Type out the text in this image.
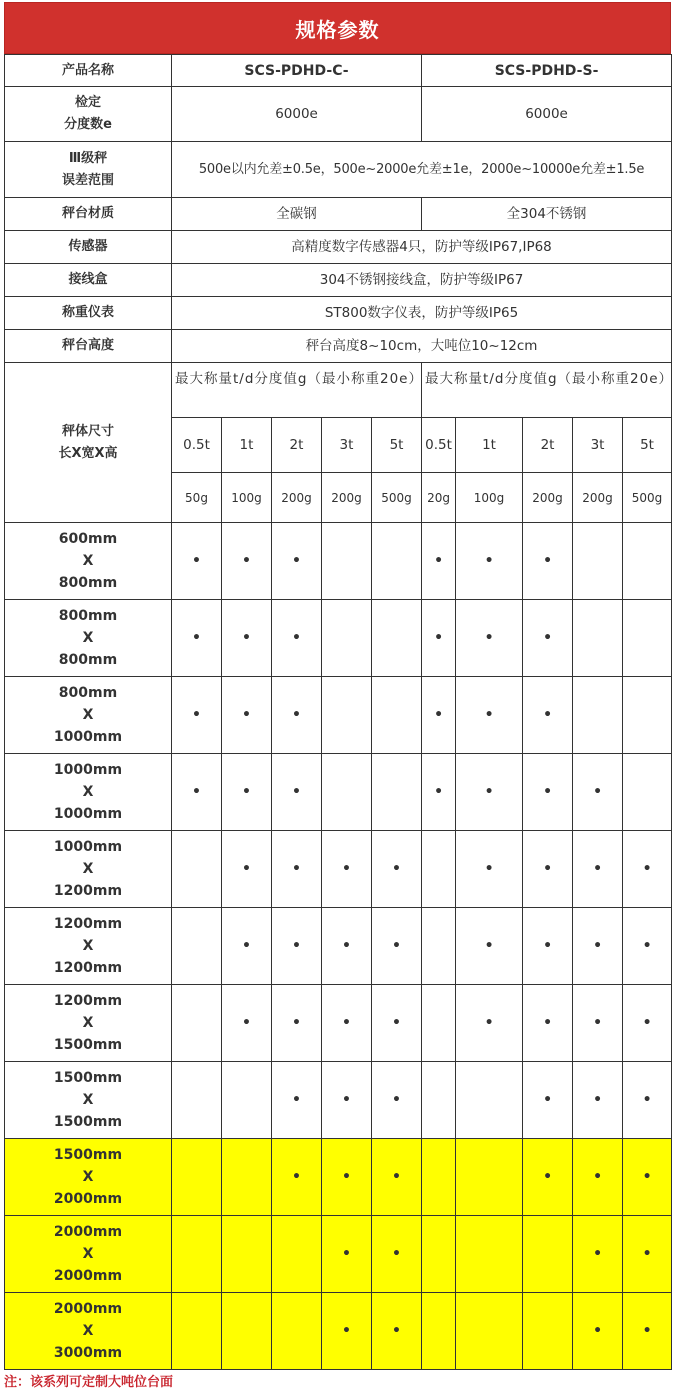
规格参数
产品名称	SCS-PDHD-C-					SCS-PDHD-S-				
检定
分度数e	6000e					6000e				
Ⅲ级秤
误差范围	500e以内允差±0.5e，500e~2000e允差±1e，2000e~10000e允差±1.5e									
秤台材质	全碳钢					全304不锈钢				
传感器	高精度数字传感器4只，防护等级IP67,IP68									
接线盒	304不锈钢接线盒，防护等级IP67									
称重仪表	ST800数字仪表，防护等级IP65									
秤台高度	秤台高度8~10cm，大吨位10~12cm									
秤体尺寸
长X宽X高	最大称量t/d分度值g（最小称重20e）					最大称量t/d分度值g（最小称重20e）				
	0.5t	1t	2t	3t	5t	0.5t	1t	2t	3t	5t
	50g	100g	200g	200g	500g	20g	100g	200g	200g	500g

600mm
X
800mm	•	•	•			•	•	•		

800mm
X
800mm	•	•	•			•	•	•		

800mm
X
1000mm	•	•	•			•	•	•		

1000mm
X
1000mm	•	•	•			•	•	•	•	

1000mm
X
1200mm		•	•	•	•		•	•	•	•

1200mm
X
1200mm		•	•	•	•		•	•	•	•

1200mm
X
1500mm		•	•	•	•		•	•	•	•

1500mm
X
1500mm			•	•	•			•	•	•

1500mm
X
2000mm			•	•	•			•	•	•

2000mm
X
2000mm				•	•				•	•

2000mm
X
3000mm				•	•				•	•
注：该系列可定制大吨位台面
